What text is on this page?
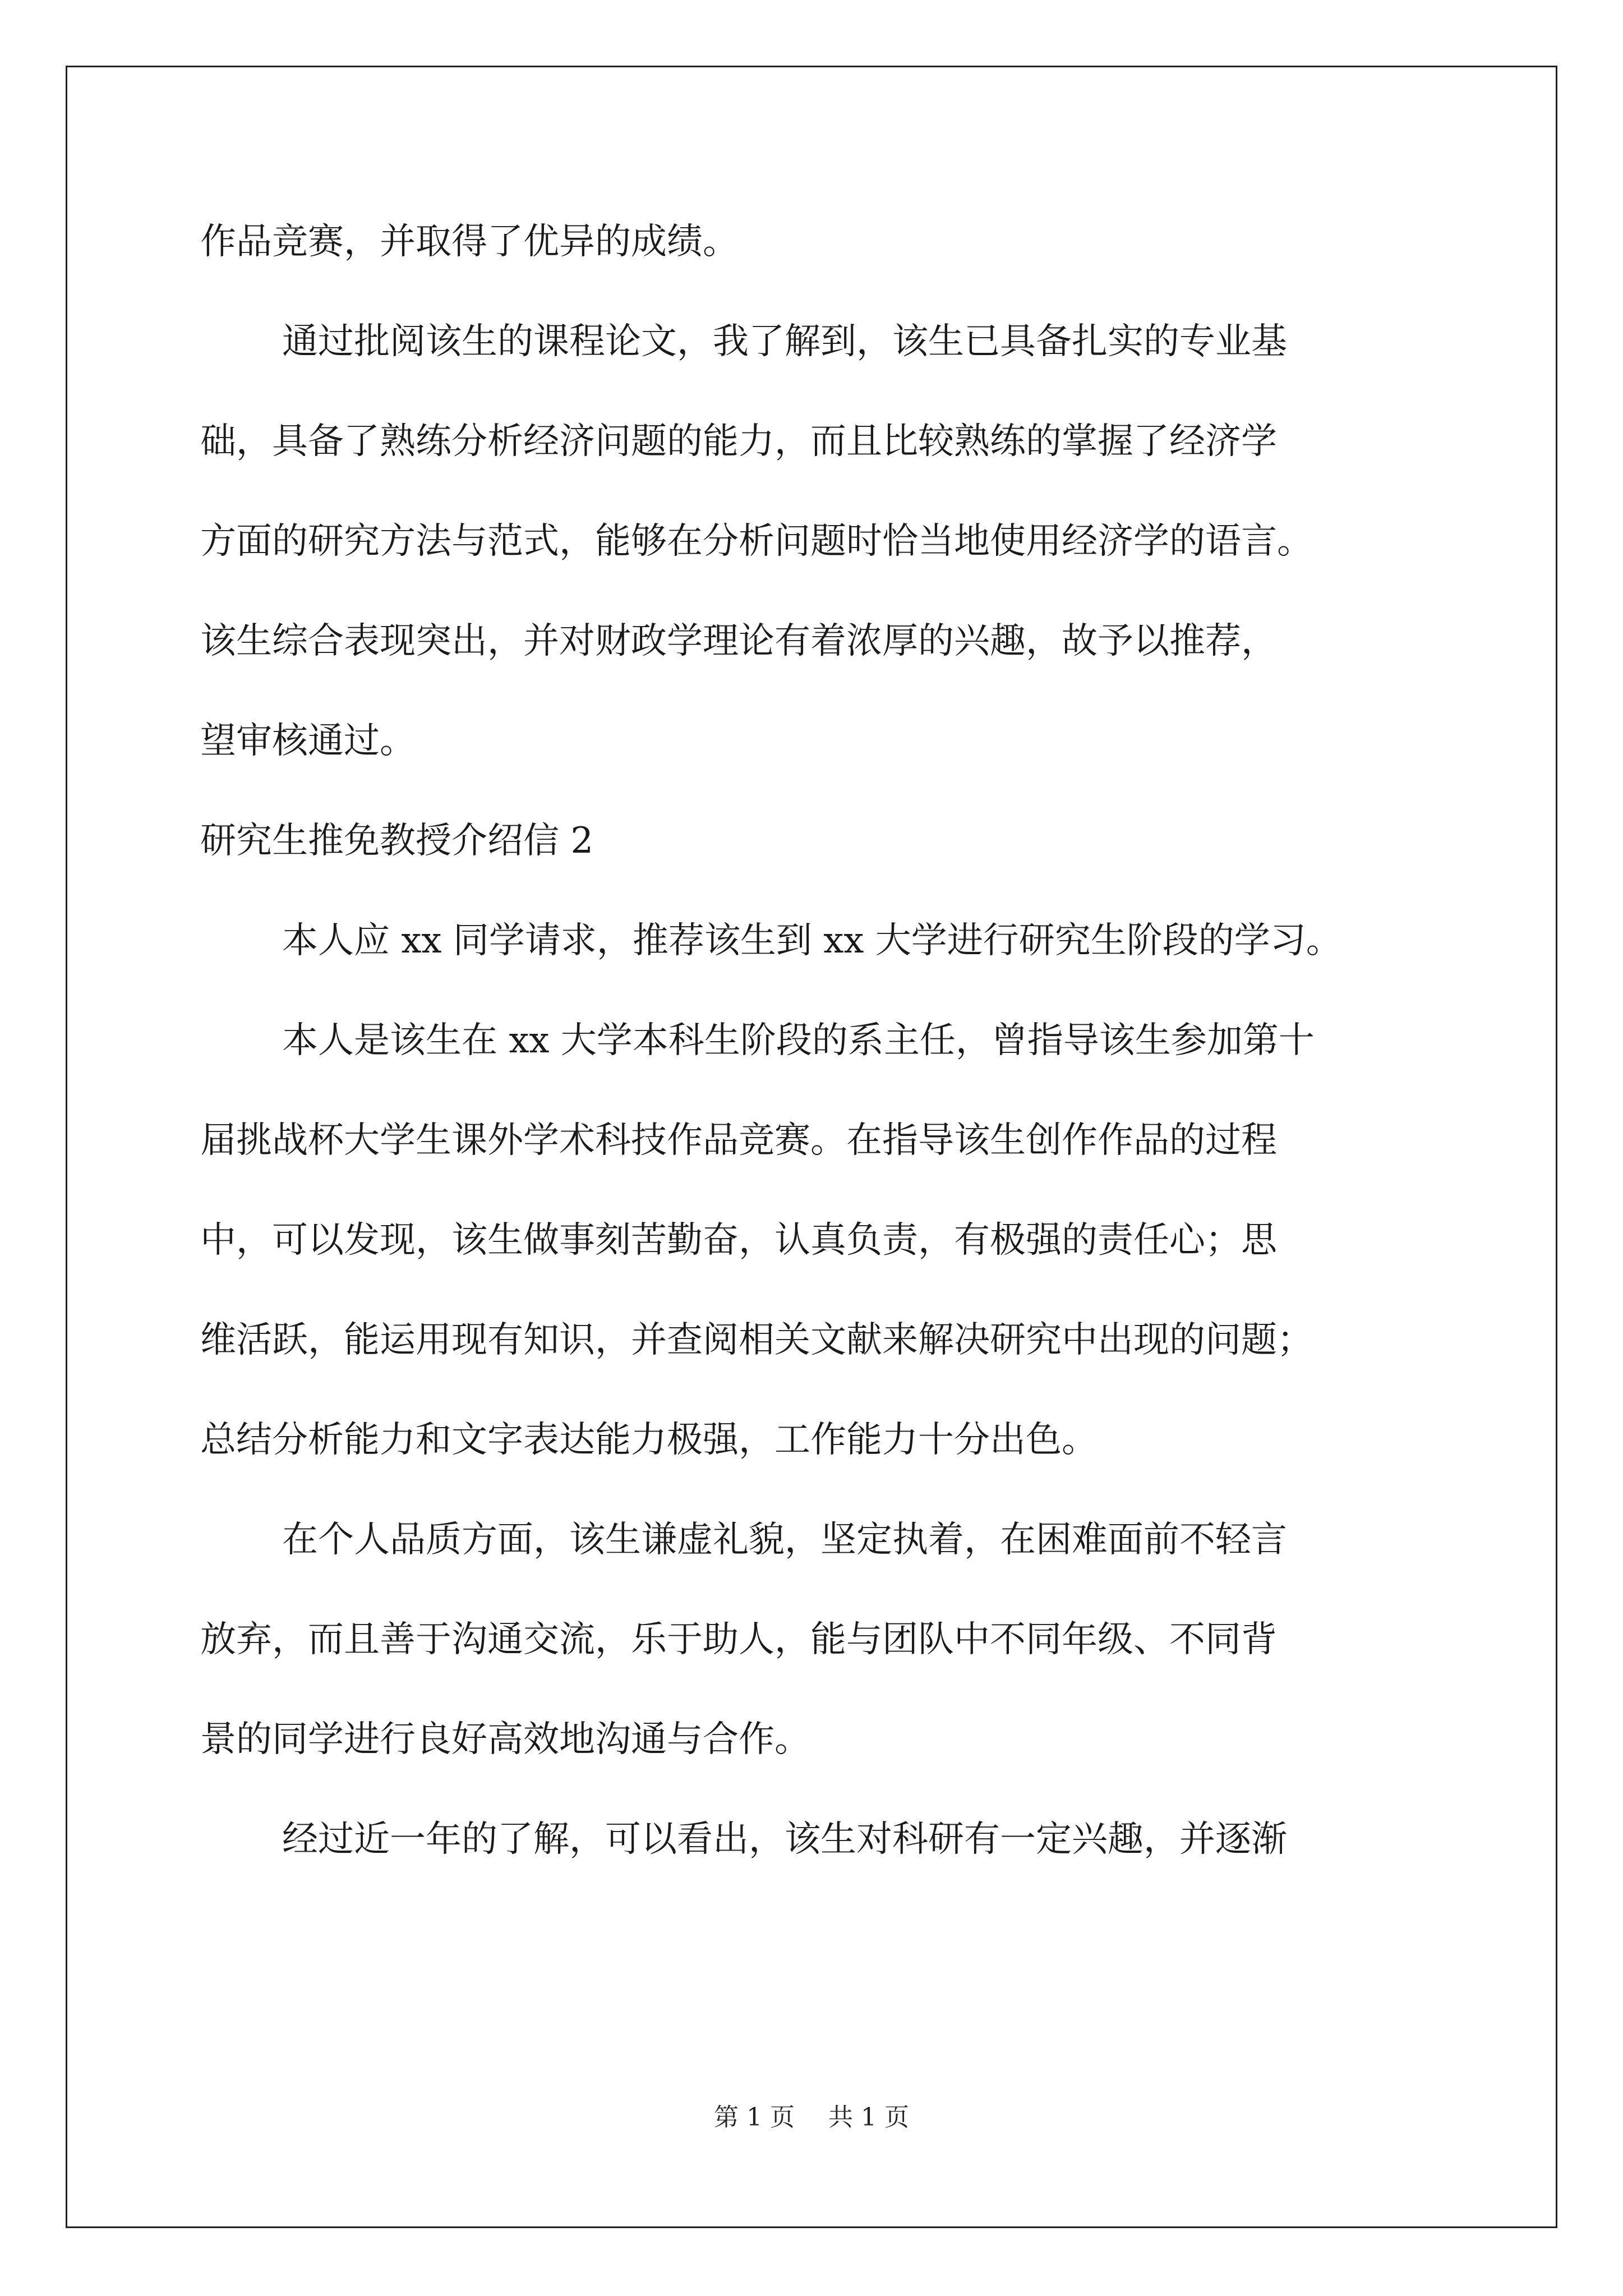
作品竞赛，并取得了优异的成绩。
通过批阅该生的课程论文，我了解到，该生已具备扎实的专业基
础，具备了熟练分析经济问题的能力，而且比较熟练的掌握了经济学
方面的研究方法与范式，能够在分析问题时恰当地使用经济学的语言。
该生综合表现突出，并对财政学理论有着浓厚的兴趣，故予以推荐，
望审核通过。
研究生推免教授介绍信 2
本人应 xx 同学请求，推荐该生到 xx 大学进行研究生阶段的学习。
本人是该生在 xx 大学本科生阶段的系主任，曾指导该生参加第十
届挑战杯大学生课外学术科技作品竞赛。在指导该生创作作品的过程
中，可以发现，该生做事刻苦勤奋，认真负责，有极强的责任心；思
维活跃，能运用现有知识，并查阅相关文献来解决研究中出现的问题；
总结分析能力和文字表达能力极强，工作能力十分出色。
在个人品质方面，该生谦虚礼貌，坚定执着，在困难面前不轻言
放弃，而且善于沟通交流，乐于助人，能与团队中不同年级、不同背
景的同学进行良好高效地沟通与合作。
经过近一年的了解，可以看出，该生对科研有一定兴趣，并逐渐
第 1 页 共 1 页
